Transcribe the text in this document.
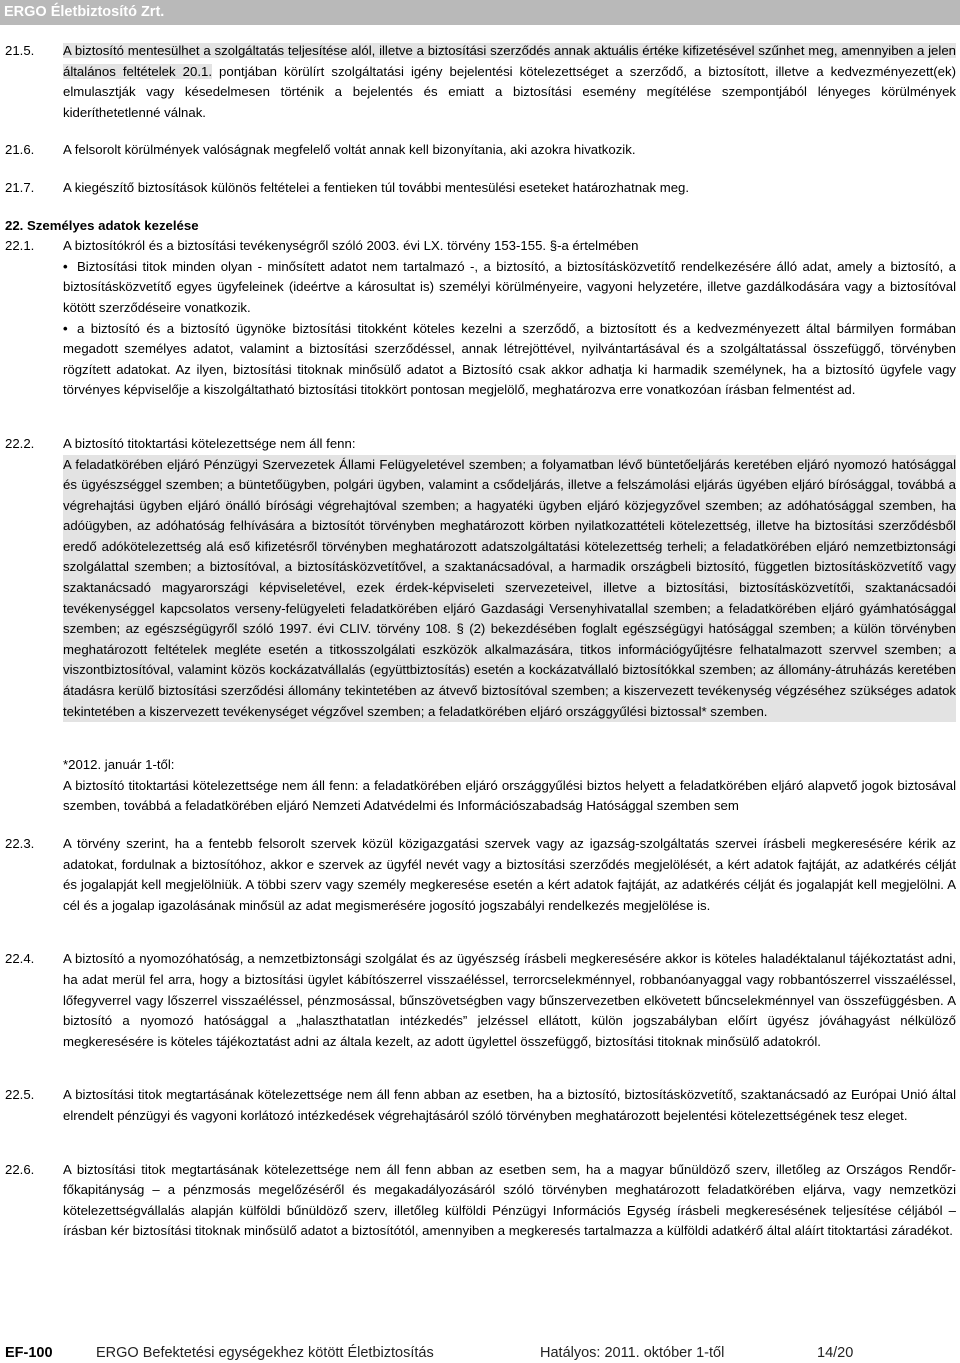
ERGO Életbiztosító Zrt.
21.5. A biztosító mentesülhet a szolgáltatás teljesítése alól, illetve a biztosítási szerződés annak aktuális értéke kifizetésével szűnhet meg, amennyiben a jelen általános feltételek 20.1. pontjában körülírt szolgáltatási igény bejelentési kötelezettséget a szerződő, a biztosított, illetve a kedvezményezett(ek) elmulasztják vagy késedelmesen történik a bejelentés és emiatt a biztosítási esemény megítélése szempontjából lényeges körülmények kideríthetetlenné válnak.
21.6. A felsorolt körülmények valóságnak megfelelő voltát annak kell bizonyítania, aki azokra hivatkozik.
21.7. A kiegészítő biztosítások különös feltételei a fentieken túl további mentesülési eseteket határozhatnak meg.
22. Személyes adatok kezelése
22.1. A biztosítókról és a biztosítási tevékenységről szóló 2003. évi LX. törvény 153-155. §-a értelmében
• Biztosítási titok minden olyan - minősített adatot nem tartalmazó -, a biztosító, a biztosításközvetítő rendelkezésére álló adat, amely a biztosító, a biztosításközvetítő egyes ügyfeleinek (ideértve a károsultat is) személyi körülményeire, vagyoni helyzetére, illetve gazdálkodására vagy a biztosítóval kötött szerződéseire vonatkozik.
• a biztosító és a biztosító ügynöke biztosítási titokként köteles kezelni a szerződő, a biztosított és a kedvezményezett által bármilyen formában megadott személyes adatot, valamint a biztosítási szerződéssel, annak létrejöttével, nyilvántartásával és a szolgáltatással összefüggő, törvényben rögzített adatokat. Az ilyen, biztosítási titoknak minősülő adatot a Biztosító csak akkor adhatja ki harmadik személynek, ha a biztosító ügyfele vagy törvényes képviselője a kiszolgáltatható biztosítási titokkört pontosan megjelölő, meghatározva erre vonatkozóan írásban felmentést ad.
22.2. A biztosító titoktartási kötelezettsége nem áll fenn:
A feladatkörében eljáró Pénzügyi Szervezetek Állami Felügyeletével szemben; a folyamatban lévő büntetőeljárás keretében eljáró nyomozó hatósággal és ügyészséggel szemben; a büntetőügyben, polgári ügyben, valamint a csődeljárás, illetve a felszámolási eljárás ügyében eljáró bírósággal, továbbá a végrehajtási ügyben eljáró önálló bírósági végrehajtóval szemben; a hagyatéki ügyben eljáró közjegyzővel szemben; az adóhatósággal szemben, ha adóügyben, az adóhatóság felhívására a biztosítót törvényben meghatározott körben nyilatkozattételi kötelezettség, illetve ha biztosítási szerződésből eredő adókötelezettség alá eső kifizetésről törvényben meghatározott adatszolgáltatási kötelezettség terheli; a feladatkörében eljáró nemzetbiztonsági szolgálattal szemben; a biztosítóval, a biztosításközvetítővel, a szaktanácsadóval, a harmadik országbeli biztosító, független biztosításközvetítő vagy szaktanácsadó magyarországi képviseletével, ezek érdek-képviseleti szervezeteivel, illetve a biztosítási, biztosításközvetítői, szaktanácsadói tevékenységgel kapcsolatos verseny-felügyeleti feladatkörében eljáró Gazdasági Versenyhivatallal szemben; a feladatkörében eljáró gyámhatósággal szemben; az egészségügyről szóló 1997. évi CLIV. törvény 108. § (2) bekezdésében foglalt egészségügyi hatósággal szemben; a külön törvényben meghatározott feltételek megléte esetén a titkosszolgálati eszközök alkalmazására, titkos információgyűjtésre felhatalmazott szervvel szemben; a viszontbiztosítóval, valamint közös kockázatvállalás (együttbiztosítás) esetén a kockázatvállaló biztosítókkal szemben; az állomány-átruházás keretében átadásra kerülő biztosítási szerződési állomány tekintetében az átvevő biztosítóval szemben; a kiszervezett tevékenység végzéséhez szükséges adatok tekintetében a kiszervezett tevékenységet végzővel szemben; a feladatkörében eljáró országgyűlési biztossal* szemben.
*2012. január 1-től:
A biztosító titoktartási kötelezettsége nem áll fenn: a feladatkörében eljáró országgyűlési biztos helyett a feladatkörében eljáró alapvető jogok biztosával szemben, továbbá a feladatkörében eljáró Nemzeti Adatvédelmi és Információszabadság Hatósággal szemben sem
22.3. A törvény szerint, ha a fentebb felsorolt szervek közül közigazgatási szervek vagy az igazság-szolgáltatás szervei írásbeli megkeresésére kérik az adatokat, fordulnak a biztosítóhoz, akkor e szervek az ügyfél nevét vagy a biztosítási szerződés megjelölését, a kért adatok fajtáját, az adatkérés célját és jogalapját kell megjelölniük. A többi szerv vagy személy megkeresése esetén a kért adatok fajtáját, az adatkérés célját és jogalapját kell megjelölni. A cél és a jogalap igazolásának minősül az adat megismerésére jogosító jogszabályi rendelkezés megjelölése is.
22.4. A biztosító a nyomozóhatóság, a nemzetbiztonsági szolgálat és az ügyészség írásbeli megkeresésére akkor is köteles haladéktalanul tájékoztatást adni, ha adat merül fel arra, hogy a biztosítási ügylet kábítószerrel visszaéléssel, terrorcselekménnyel, robbanóanyaggal vagy robbantószerrel visszaéléssel, lőfegyverrel vagy lőszerrel visszaéléssel, pénzmosással, bűnszövetségben vagy bűnszervezetben elkövetett bűncselekménnyel van összefüggésben. A biztosító a nyomozó hatósággal a „halaszthatatlan intézkedés” jelzéssel ellátott, külön jogszabályban előírt ügyész jóváhagyást nélkülöző megkeresésére is köteles tájékoztatást adni az általa kezelt, az adott ügylettel összefüggő, biztosítási titoknak minősülő adatokról.
22.5. A biztosítási titok megtartásának kötelezettsége nem áll fenn abban az esetben, ha a biztosító, biztosításközvetítő, szaktanácsadó az Európai Unió által elrendelt pénzügyi és vagyoni korlátozó intézkedések végrehajtásáról szóló törvényben meghatározott bejelentési kötelezettségének tesz eleget.
22.6. A biztosítási titok megtartásának kötelezettsége nem áll fenn abban az esetben sem, ha a magyar bűnüldöző szerv, illetőleg az Országos Rendőr-főkapitányság – a pénzmosás megelőzéséről és megakadályozásáról szóló törvényben meghatározott feladatkörében eljárva, vagy nemzetközi kötelezettségvállalás alapján külföldi bűnüldöző szerv, illetőleg külföldi Pénzügyi Információs Egység írásbeli megkeresésének teljesítése céljából – írásban kér biztosítási titoknak minősülő adatot a biztosítótól, amennyiben a megkeresés tartalmazza a külföldi adatkérő által aláírt titoktartási záradékot.
EF-100	ERGO Befektetési egységekhez kötött Életbiztosítás	Hatályos: 2011. október 1-től	14/20
